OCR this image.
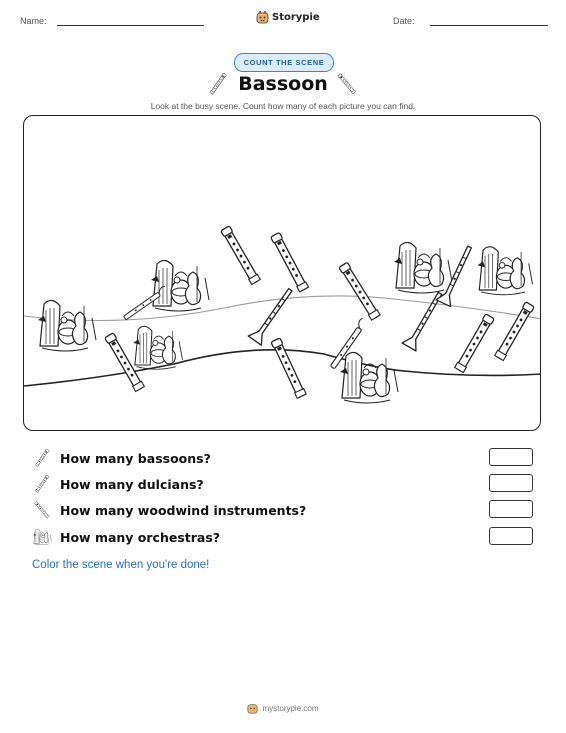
Name:	Storypie	Date:
COUNT THE SCENE
Bassoon
Look at the busy scene. Count how many of each picture you can find.
How many bassoons?
How many dulcians?
How many woodwind instruments?
How many orchestras?
Color the scene when you're done!
mystorypie.com
